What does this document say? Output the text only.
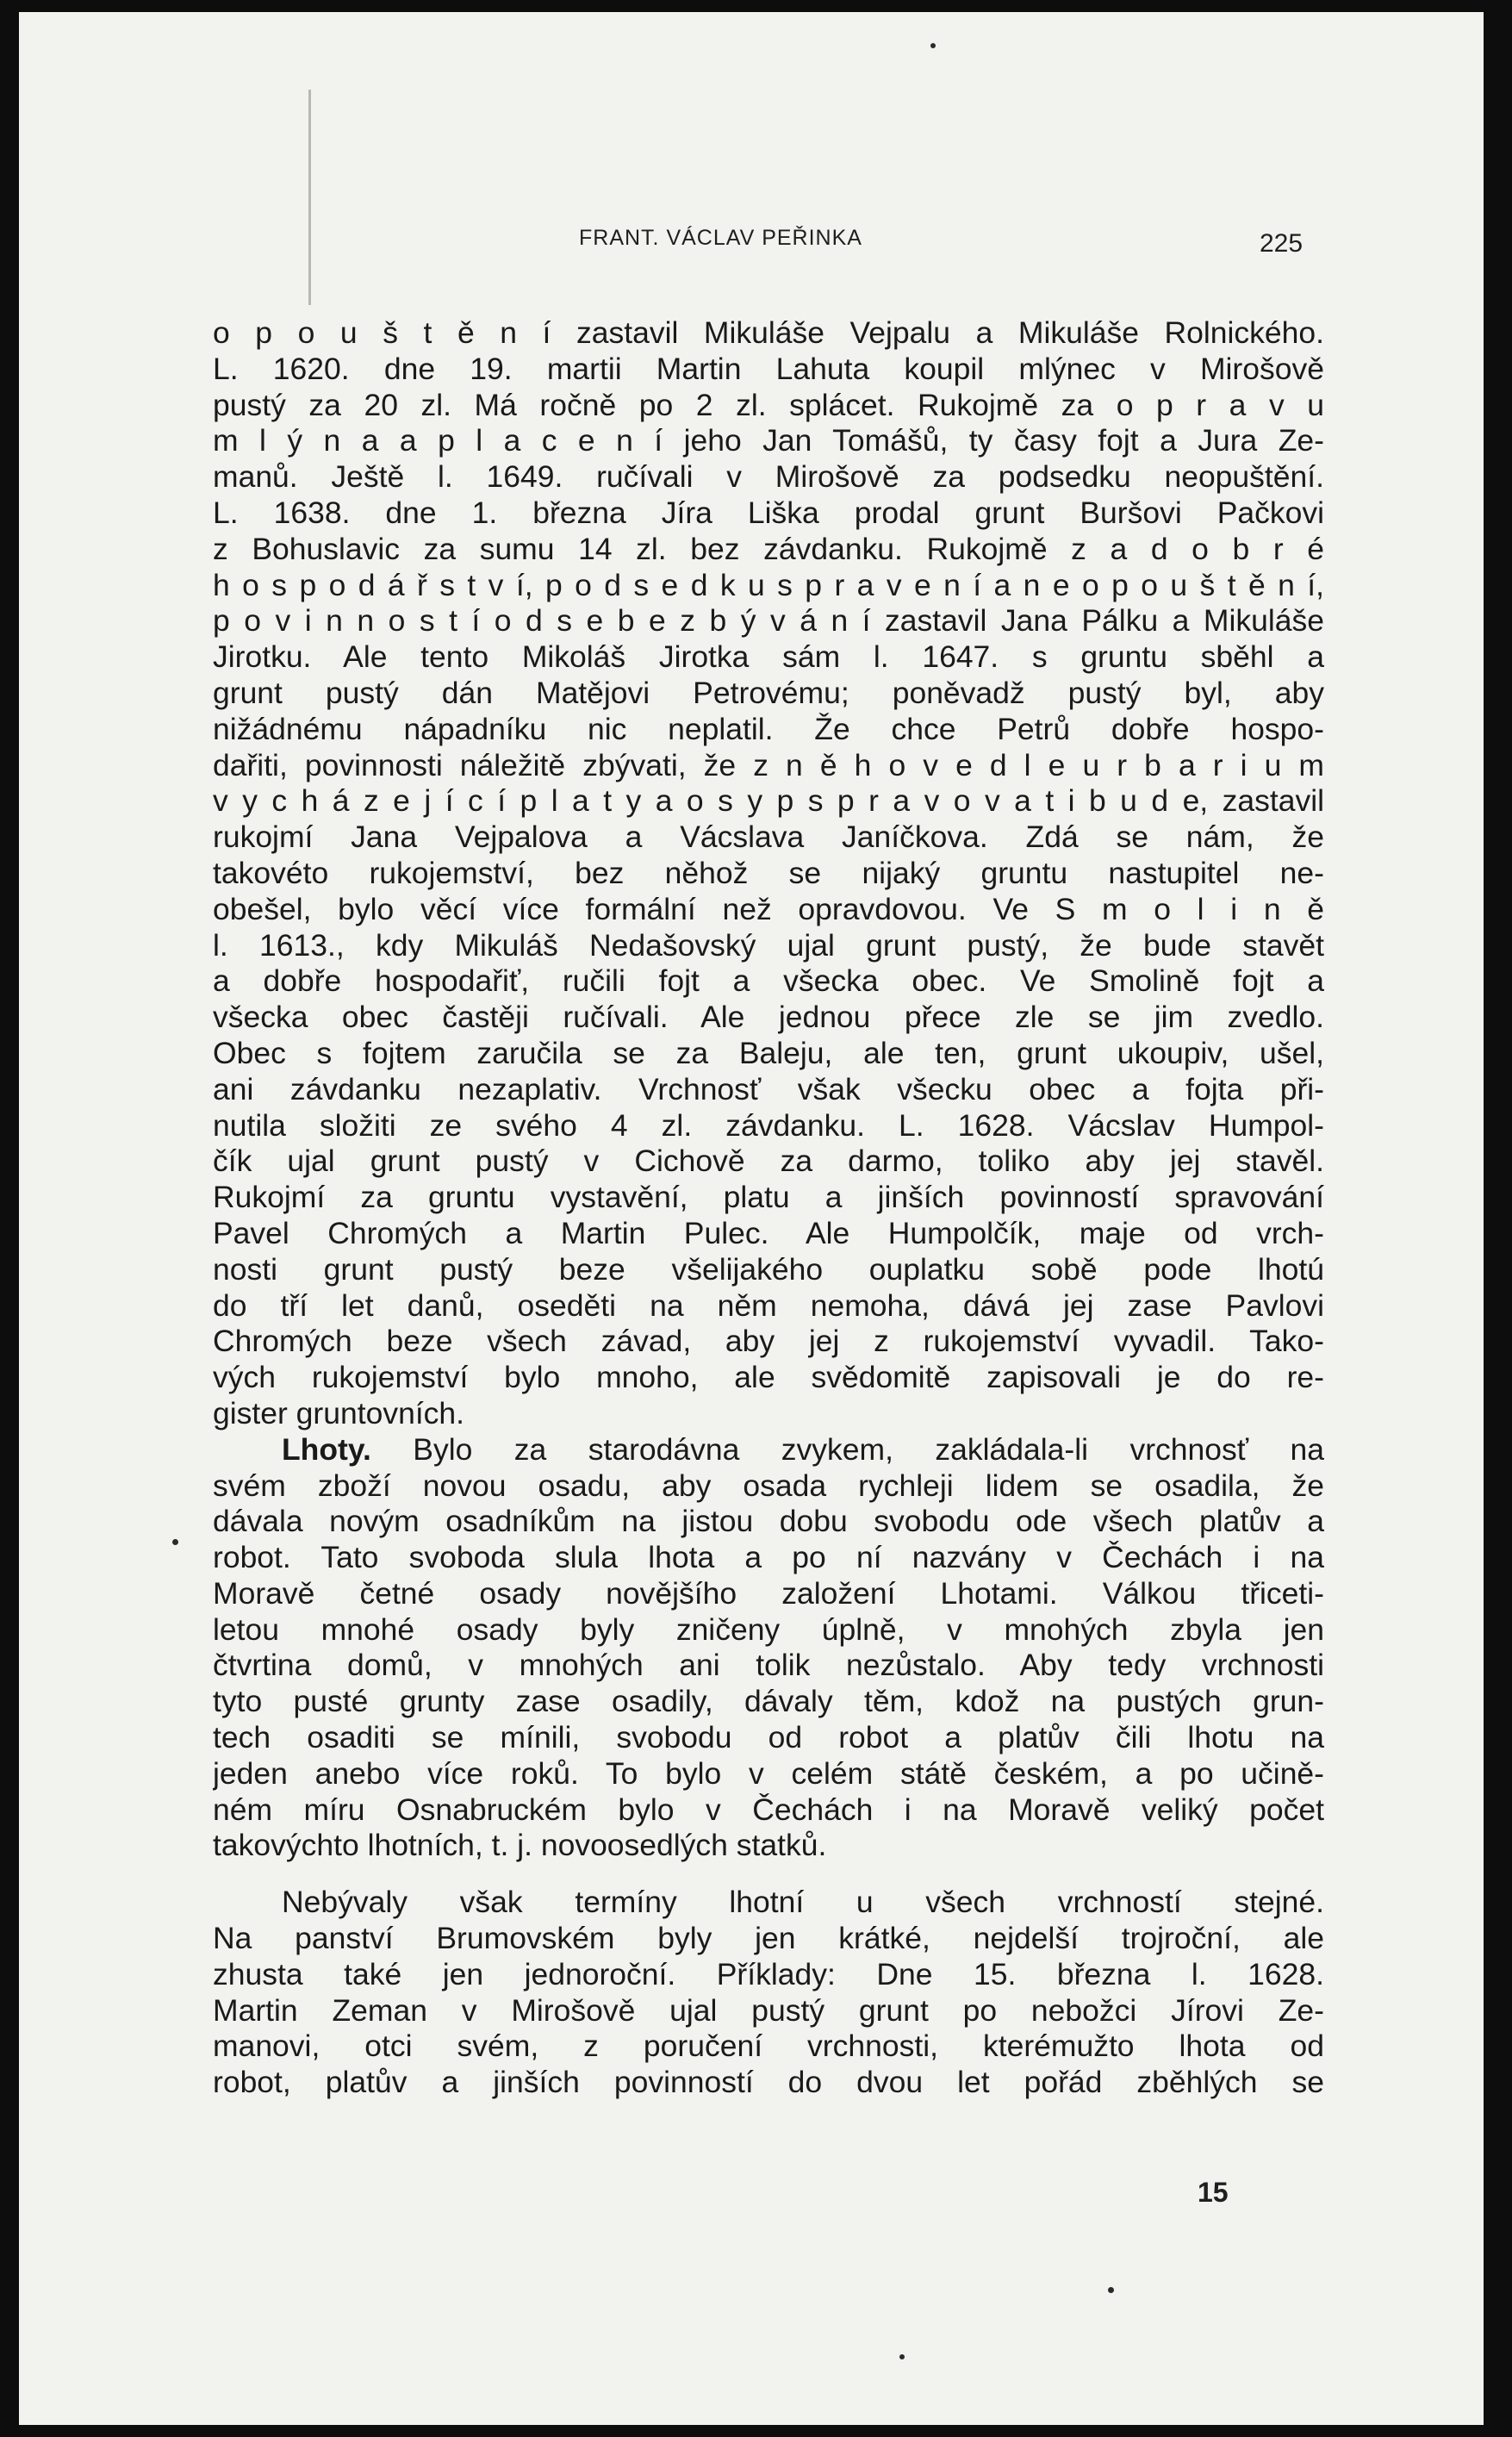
FRANT. VÁCLAV PEŘINKA	225
o p o u š t ě n í zastavil Mikuláše Vejpalu a Mikuláše Rolnického.
L. 1620. dne 19. martii Martin Lahuta koupil mlýnec v Mirošově
pustý za 20 zl. Má ročně po 2 zl. splácet. Rukojmě za o p r a v u
m l ý n a a p l a c e n í jeho Jan Tomášů, ty časy fojt a Jura Ze-
manů. Ještě l. 1649. ručívali v Mirošově za podsedku neopuštění.
L. 1638. dne 1. března Jíra Liška prodal grunt Buršovi Pačkovi
z Bohuslavic za sumu 14 zl. bez závdanku. Rukojmě z a d o b r é
h o s p o d á ř s t v í, p o d s e d k u s p r a v e n í a n e o p o u š t ě n í,
p o v i n n o s t í o d s e b e z b ý v á n í zastavil Jana Pálku a Mikuláše
Jirotku. Ale tento Mikoláš Jirotka sám l. 1647. s gruntu sběhl a
grunt pustý dán Matějovi Petrovému; poněvadž pustý byl, aby
nižádnému nápadníku nic neplatil. Že chce Petrů dobře hospo-
dařiti, povinnosti náležitě zbývati, že z n ě h o v e d l e u r b a r i u m
v y c h á z e j í c í p l a t y a o s y p s p r a v o v a t i b u d e, zastavil
rukojmí Jana Vejpalova a Vácslava Janíčkova. Zdá se nám, že
takovéto rukojemství, bez něhož se nijaký gruntu nastupitel ne-
obešel, bylo věcí více formální než opravdovou. Ve S m o l i n ě
l. 1613., kdy Mikuláš Nedašovský ujal grunt pustý, že bude stavět
a dobře hospodařiť, ručili fojt a všecka obec. Ve Smolině fojt a
všecka obec častěji ručívali. Ale jednou přece zle se jim zvedlo.
Obec s fojtem zaručila se za Baleju, ale ten, grunt ukoupiv, ušel,
ani závdanku nezaplativ. Vrchnosť však všecku obec a fojta při-
nutila složiti ze svého 4 zl. závdanku. L. 1628. Vácslav Humpol-
čík ujal grunt pustý v Cichově za darmo, toliko aby jej stavěl.
Rukojmí za gruntu vystavění, platu a jinších povinností spravování
Pavel Chromých a Martin Pulec. Ale Humpolčík, maje od vrch-
nosti grunt pustý beze všelijakého ouplatku sobě pode lhotú
do tří let danů, oseděti na něm nemoha, dává jej zase Pavlovi
Chromých beze všech závad, aby jej z rukojemství vyvadil. Tako-
vých rukojemství bylo mnoho, ale svědomitě zapisovali je do re-
gister gruntovních.
Lhoty. Bylo za starodávna zvykem, zakládala-li vrchnosť na
svém zboží novou osadu, aby osada rychleji lidem se osadila, že
dávala novým osadníkům na jistou dobu svobodu ode všech platův a
robot. Tato svoboda slula lhota a po ní nazvány v Čechách i na
Moravě četné osady novějšího založení Lhotami. Válkou třiceti-
letou mnohé osady byly zničeny úplně, v mnohých zbyla jen
čtvrtina domů, v mnohých ani tolik nezůstalo. Aby tedy vrchnosti
tyto pusté grunty zase osadily, dávaly těm, kdož na pustých grun-
tech osaditi se mínili, svobodu od robot a platův čili lhotu na
jeden anebo více roků. To bylo v celém státě českém, a po učině-
ném míru Osnabruckém bylo v Čechách i na Moravě veliký počet
takovýchto lhotních, t. j. novoosedlých statků.
Nebývaly však termíny lhotní u všech vrchností stejné.
Na panství Brumovském byly jen krátké, nejdelší trojroční, ale
zhusta také jen jednoroční. Příklady: Dne 15. března l. 1628.
Martin Zeman v Mirošově ujal pustý grunt po nebožci Jírovi Ze-
manovi, otci svém, z poručení vrchnosti, kterémužto lhota od
robot, platův a jinších povinností do dvou let pořád zběhlých se
15
